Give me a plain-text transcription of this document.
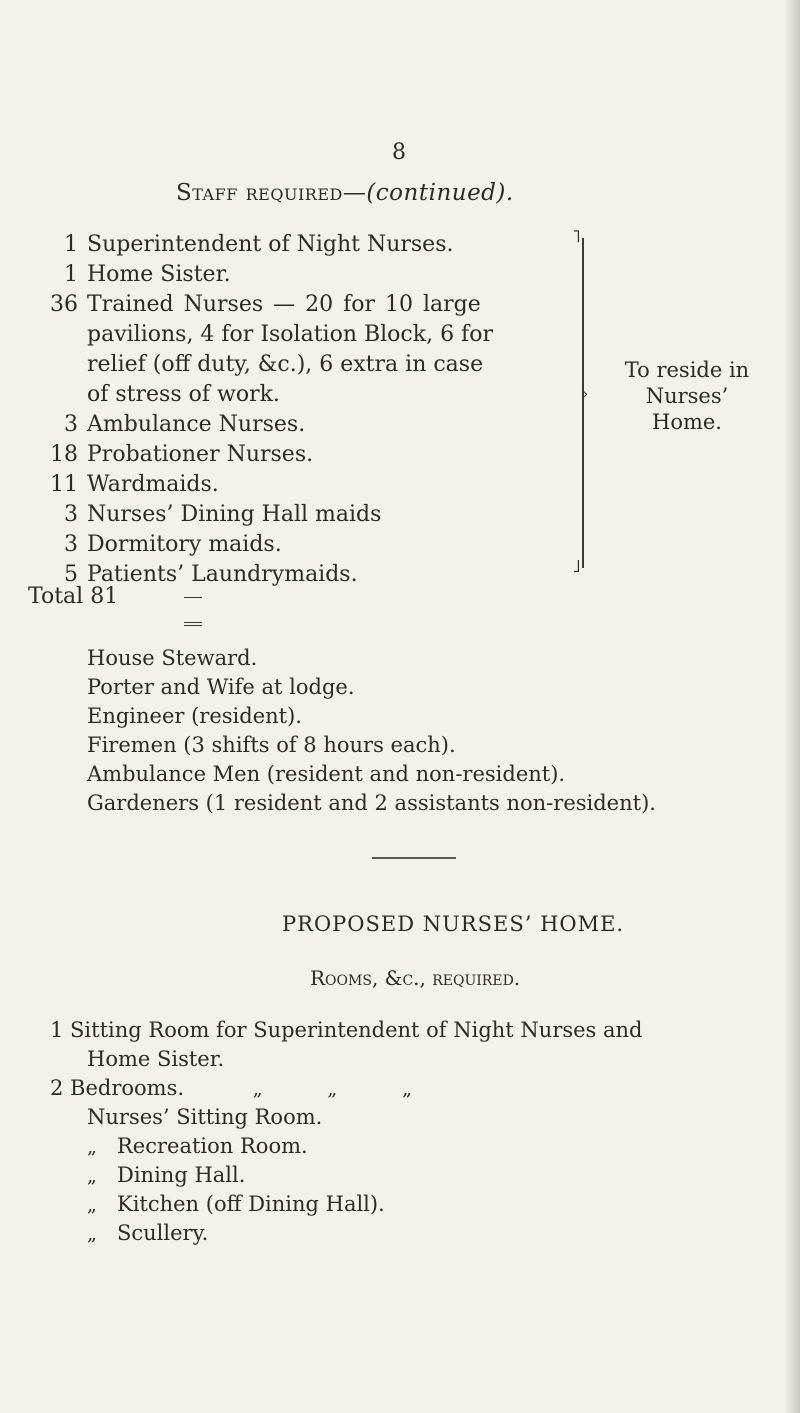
8
Staff required—(continued).
1 Superintendent of Night Nurses.
1 Home Sister.
36 Trained Nurses — 20 for 10 large
pavilions, 4 for Isolation Block, 6 for
relief (off duty, &c.), 6 extra in case
of stress of work.
3 Ambulance Nurses.
18 Probationer Nurses.
11 Wardmaids.
3 Nurses’ Dining Hall maids
3 Dormitory maids.
5 Patients’ Laundrymaids.
˥
˩
›
To reside in
Nurses’
Home.
Total 81
House Steward.
Porter and Wife at lodge.
Engineer (resident).
Firemen (3 shifts of 8 hours each).
Ambulance Men (resident and non-resident).
Gardeners (1 resident and 2 assistants non-resident).
PROPOSED NURSES’ HOME.
Rooms, &c., required.
1 Sitting Room for Superintendent of Night Nurses and
Home Sister.
2 Bedrooms.	„	„	„
Nurses’ Sitting Room.
„ Recreation Room.
„ Dining Hall.
„ Kitchen (off Dining Hall).
„ Scullery.
